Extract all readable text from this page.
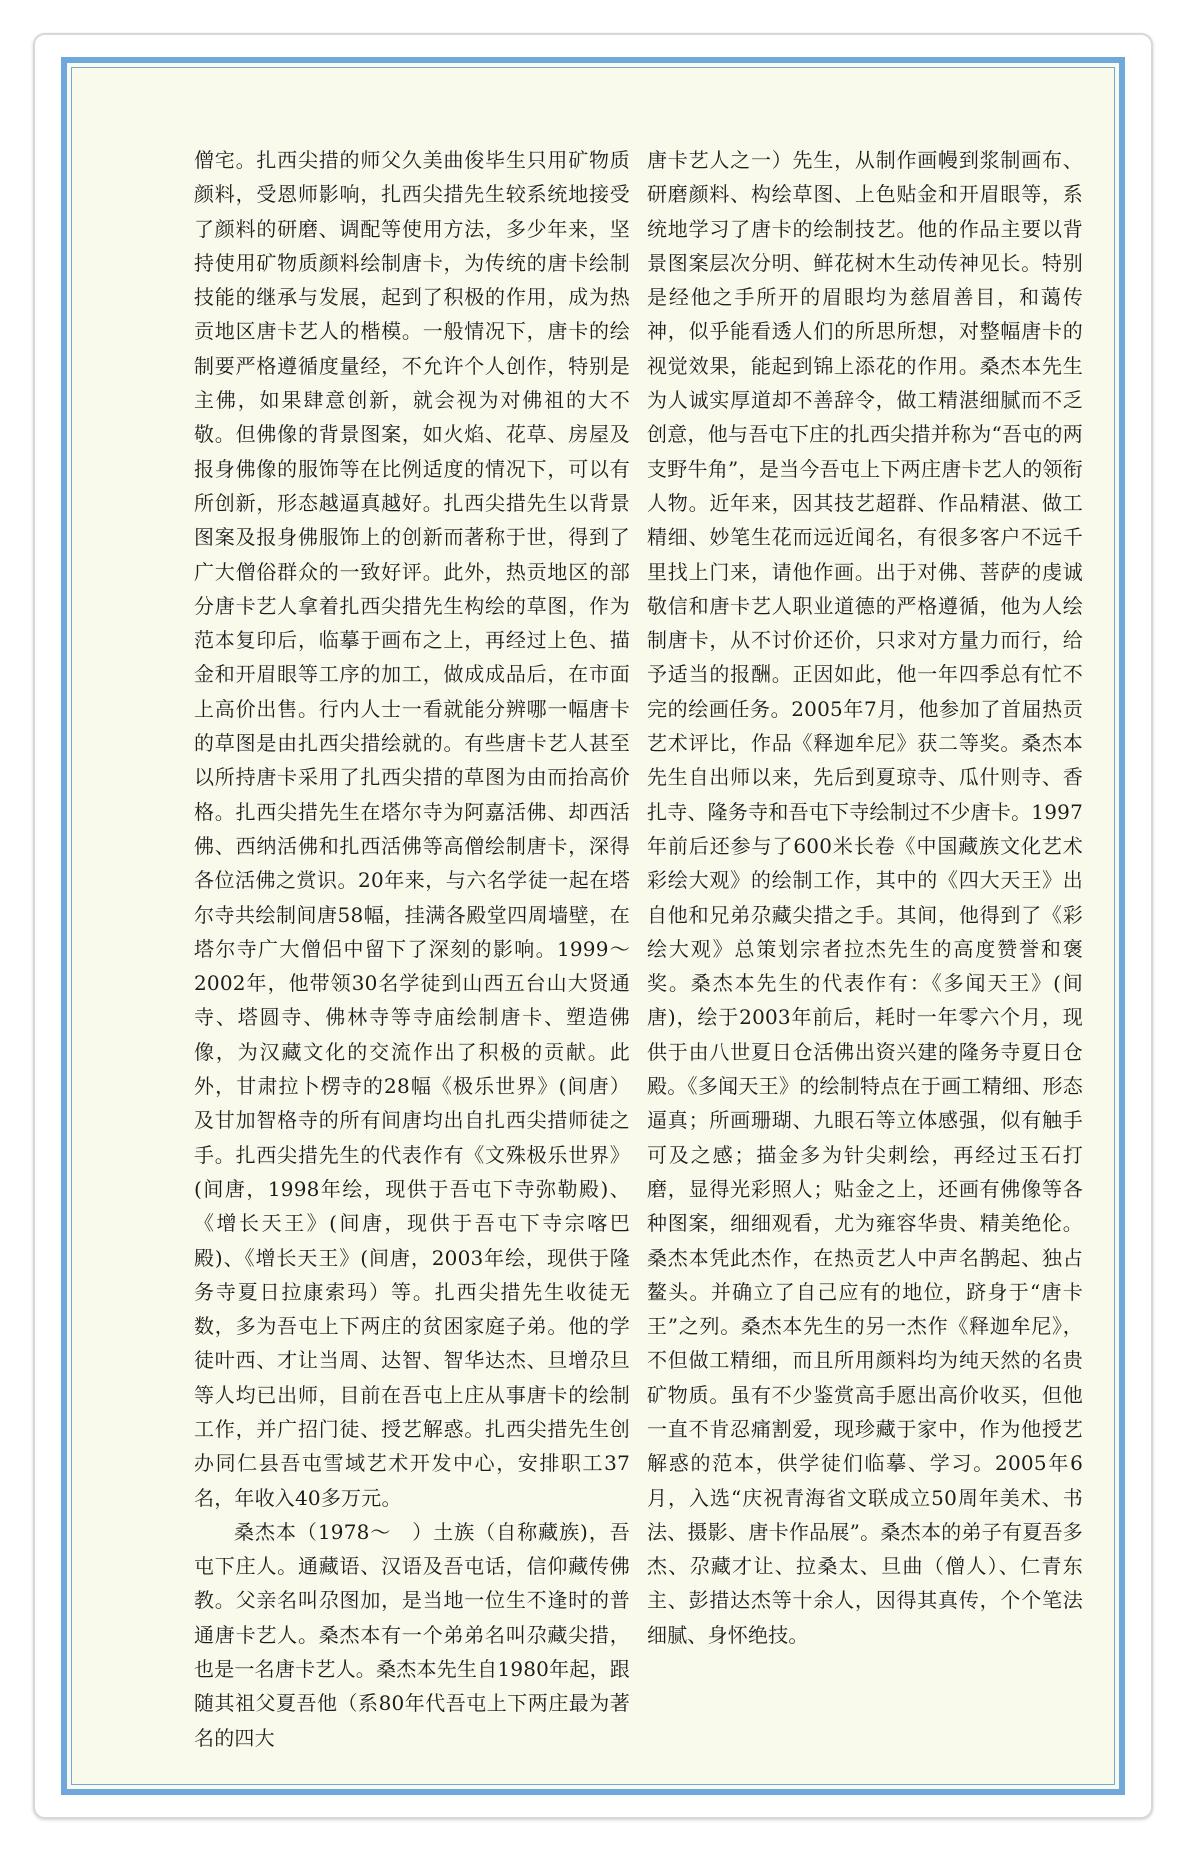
僧宅。扎西尖措的师父久美曲俊毕生只用矿物质颜料，受恩师影响，扎西尖措先生较系统地接受了颜料的研磨、调配等使用方法，多少年来，坚持使用矿物质颜料绘制唐卡，为传统的唐卡绘制技能的继承与发展，起到了积极的作用，成为热贡地区唐卡艺人的楷模。一般情况下，唐卡的绘制要严格遵循度量经，不允许个人创作，特别是主佛，如果肆意创新，就会视为对佛祖的大不敬。但佛像的背景图案，如火焰、花草、房屋及报身佛像的服饰等在比例适度的情况下，可以有所创新，形态越逼真越好。扎西尖措先生以背景图案及报身佛服饰上的创新而著称于世，得到了广大僧俗群众的一致好评。此外，热贡地区的部分唐卡艺人拿着扎西尖措先生构绘的草图，作为范本复印后，临摹于画布之上，再经过上色、描金和开眉眼等工序的加工，做成成品后，在市面上高价出售。行内人士一看就能分辨哪一幅唐卡的草图是由扎西尖措绘就的。有些唐卡艺人甚至以所持唐卡采用了扎西尖措的草图为由而抬高价格。扎西尖措先生在塔尔寺为阿嘉活佛、却西活佛、西纳活佛和扎西活佛等高僧绘制唐卡，深得各位活佛之赏识。20年来，与六名学徒一起在塔尔寺共绘制间唐58幅，挂满各殿堂四周墙壁，在塔尔寺广大僧侣中留下了深刻的影响。1999～2002年，他带领30名学徒到山西五台山大贤通寺、塔圆寺、佛林寺等寺庙绘制唐卡、塑造佛像，为汉藏文化的交流作出了积极的贡献。此外，甘肃拉卜楞寺的28幅《极乐世界》(间唐）及甘加智格寺的所有间唐均出自扎西尖措师徒之手。扎西尖措先生的代表作有《文殊极乐世界》(间唐，1998年绘，现供于吾屯下寺弥勒殿)、《增长天王》(间唐，现供于吾屯下寺宗喀巴殿)、《增长天王》(间唐，2003年绘，现供于隆务寺夏日拉康索玛）等。扎西尖措先生收徒无数，多为吾屯上下两庄的贫困家庭子弟。他的学徒叶西、才让当周、达智、智华达杰、旦增尕旦等人均已出师，目前在吾屯上庄从事唐卡的绘制工作，并广招门徒、授艺解惑。扎西尖措先生创办同仁县吾屯雪域艺术开发中心，安排职工37名，年收入40多万元。

桑杰本（1978～　）土族（自称藏族)，吾屯下庄人。通藏语、汉语及吾屯话，信仰藏传佛教。父亲名叫尕图加，是当地一位生不逢时的普通唐卡艺人。桑杰本有一个弟弟名叫尕藏尖措，也是一名唐卡艺人。桑杰本先生自1980年起，跟随其祖父夏吾他（系80年代吾屯上下两庄最为著名的四大

唐卡艺人之一）先生，从制作画幔到浆制画布、研磨颜料、构绘草图、上色贴金和开眉眼等，系统地学习了唐卡的绘制技艺。他的作品主要以背景图案层次分明、鲜花树木生动传神见长。特别是经他之手所开的眉眼均为慈眉善目，和蔼传神，似乎能看透人们的所思所想，对整幅唐卡的视觉效果，能起到锦上添花的作用。桑杰本先生为人诚实厚道却不善辞令，做工精湛细腻而不乏创意，他与吾屯下庄的扎西尖措并称为“吾屯的两支野牛角”，是当今吾屯上下两庄唐卡艺人的领衔人物。近年来，因其技艺超群、作品精湛、做工精细、妙笔生花而远近闻名，有很多客户不远千里找上门来，请他作画。出于对佛、菩萨的虔诚敬信和唐卡艺人职业道德的严格遵循，他为人绘制唐卡，从不讨价还价，只求对方量力而行，给予适当的报酬。正因如此，他一年四季总有忙不完的绘画任务。2005年7月，他参加了首届热贡艺术评比，作品《释迦牟尼》获二等奖。桑杰本先生自出师以来，先后到夏琼寺、瓜什则寺、香扎寺、隆务寺和吾屯下寺绘制过不少唐卡。1997年前后还参与了600米长卷《中国藏族文化艺术彩绘大观》的绘制工作，其中的《四大天王》出自他和兄弟尕藏尖措之手。其间，他得到了《彩绘大观》总策划宗者拉杰先生的高度赞誉和褒奖。桑杰本先生的代表作有：《多闻天王》(间唐)，绘于2003年前后，耗时一年零六个月，现供于由八世夏日仓活佛出资兴建的隆务寺夏日仓殿。《多闻天王》的绘制特点在于画工精细、形态逼真；所画珊瑚、九眼石等立体感强，似有触手可及之感；描金多为针尖刺绘，再经过玉石打磨，显得光彩照人；贴金之上，还画有佛像等各种图案，细细观看，尤为雍容华贵、精美绝伦。桑杰本凭此杰作，在热贡艺人中声名鹊起、独占鳌头。并确立了自己应有的地位，跻身于“唐卡王”之列。桑杰本先生的另一杰作《释迦牟尼》，不但做工精细，而且所用颜料均为纯天然的名贵矿物质。虽有不少鉴赏高手愿出高价收买，但他一直不肯忍痛割爱，现珍藏于家中，作为他授艺解惑的范本，供学徒们临摹、学习。2005年6月，入选“庆祝青海省文联成立50周年美术、书法、摄影、唐卡作品展”。桑杰本的弟子有夏吾多杰、尕藏才让、拉桑太、旦曲（僧人）、仁青东主、彭措达杰等十余人，因得其真传，个个笔法细腻、身怀绝技。
